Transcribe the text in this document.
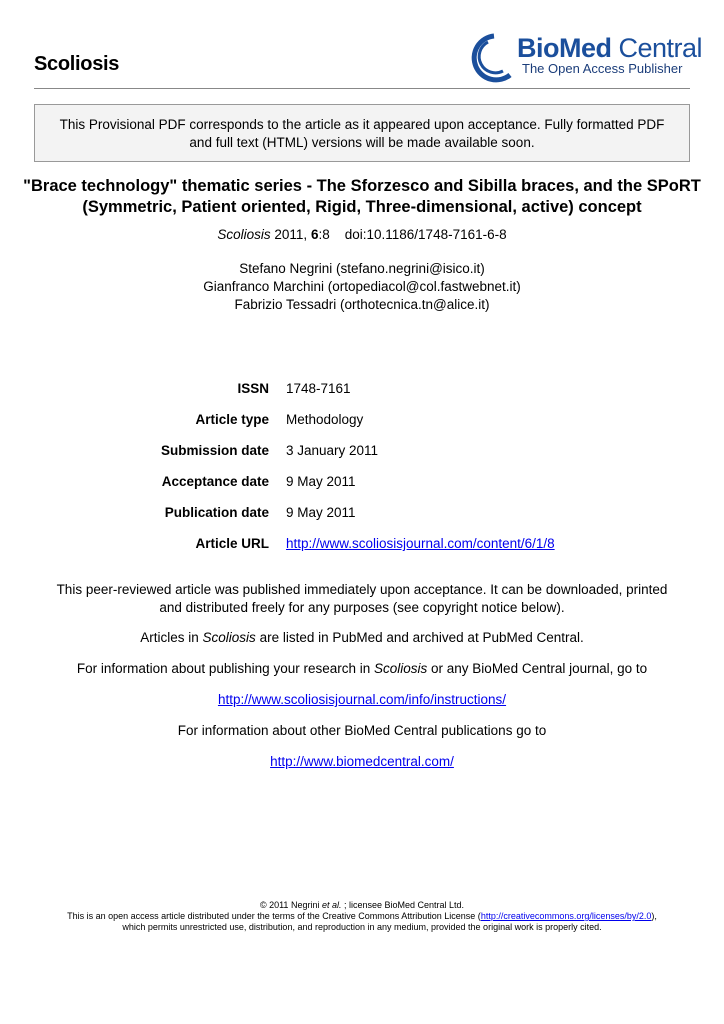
Scoliosis
BioMed Central
The Open Access Publisher
This Provisional PDF corresponds to the article as it appeared upon acceptance. Fully formatted PDF and full text (HTML) versions will be made available soon.
"Brace technology" thematic series - The Sforzesco and Sibilla braces, and the SPoRT (Symmetric, Patient oriented, Rigid, Three-dimensional, active) concept
Scoliosis 2011, 6:8 doi:10.1186/1748-7161-6-8
Stefano Negrini (stefano.negrini@isico.it)
Gianfranco Marchini (ortopediacol@col.fastwebnet.it)
Fabrizio Tessadri (orthotecnica.tn@alice.it)
ISSN 1748-7161
Article type Methodology
Submission date 3 January 2011
Acceptance date 9 May 2011
Publication date 9 May 2011
Article URL http://www.scoliosisjournal.com/content/6/1/8
This peer-reviewed article was published immediately upon acceptance. It can be downloaded, printed and distributed freely for any purposes (see copyright notice below).
Articles in Scoliosis are listed in PubMed and archived at PubMed Central.
For information about publishing your research in Scoliosis or any BioMed Central journal, go to
http://www.scoliosisjournal.com/info/instructions/
For information about other BioMed Central publications go to
http://www.biomedcentral.com/
© 2011 Negrini et al. ; licensee BioMed Central Ltd.
This is an open access article distributed under the terms of the Creative Commons Attribution License (http://creativecommons.org/licenses/by/2.0),
which permits unrestricted use, distribution, and reproduction in any medium, provided the original work is properly cited.
